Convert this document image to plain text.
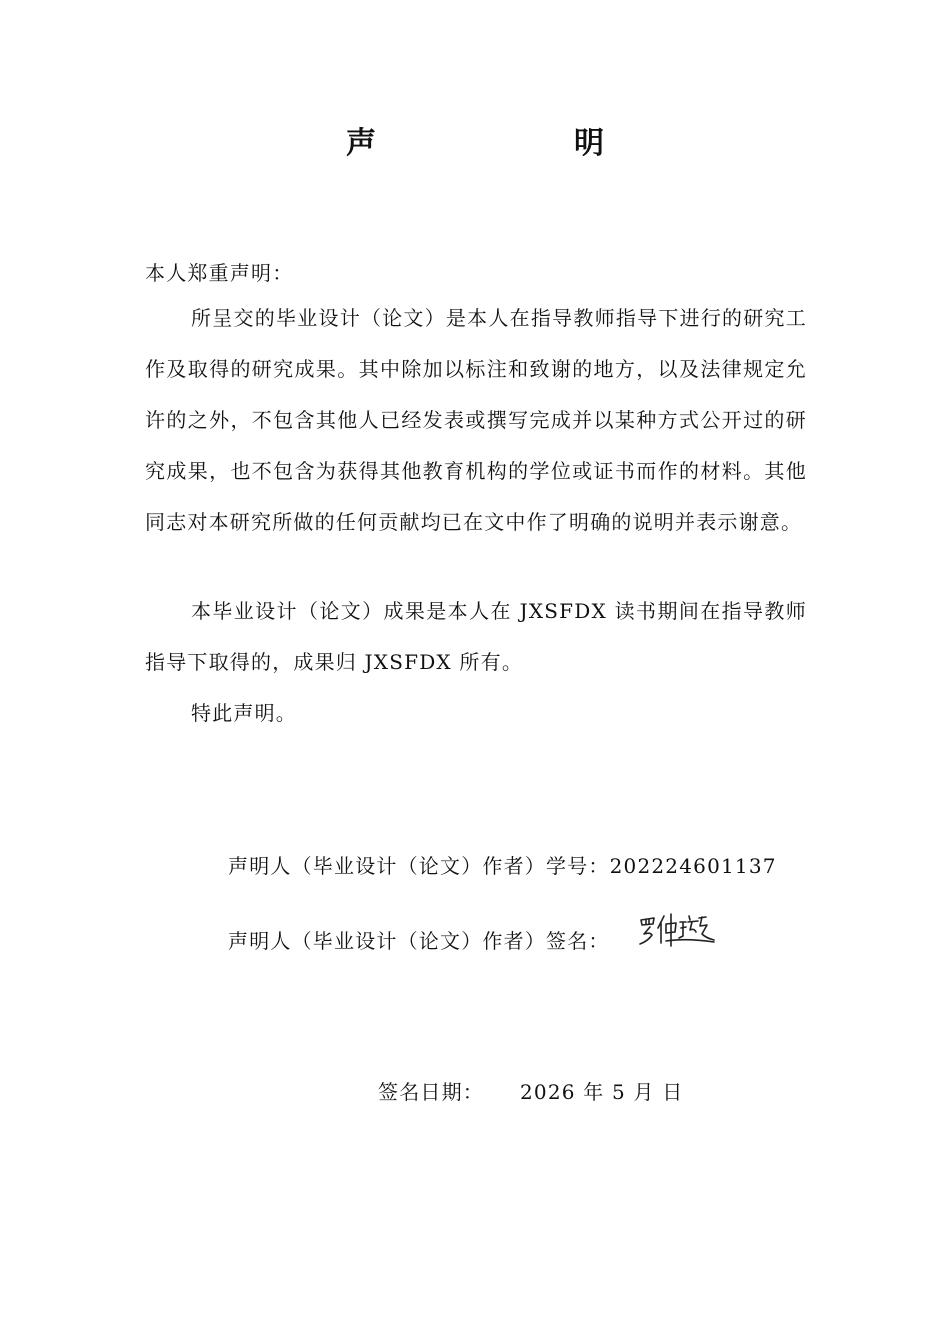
声　明
本人郑重声明：
所呈交的毕业设计（论文）是本人在指导教师指导下进行的研究工作及取得的研究成果。其中除加以标注和致谢的地方，以及法律规定允许的之外，不包含其他人已经发表或撰写完成并以某种方式公开过的研究成果，也不包含为获得其他教育机构的学位或证书而作的材料。其他同志对本研究所做的任何贡献均已在文中作了明确的说明并表示谢意。
本毕业设计（论文）成果是本人在 JXSFDX 读书期间在指导教师指导下取得的，成果归 JXSFDX 所有。
特此声明。
声明人（毕业设计（论文）作者）学号：202224601137
声明人（毕业设计（论文）作者）签名：
签名日期： 2026 年 5 月 日
